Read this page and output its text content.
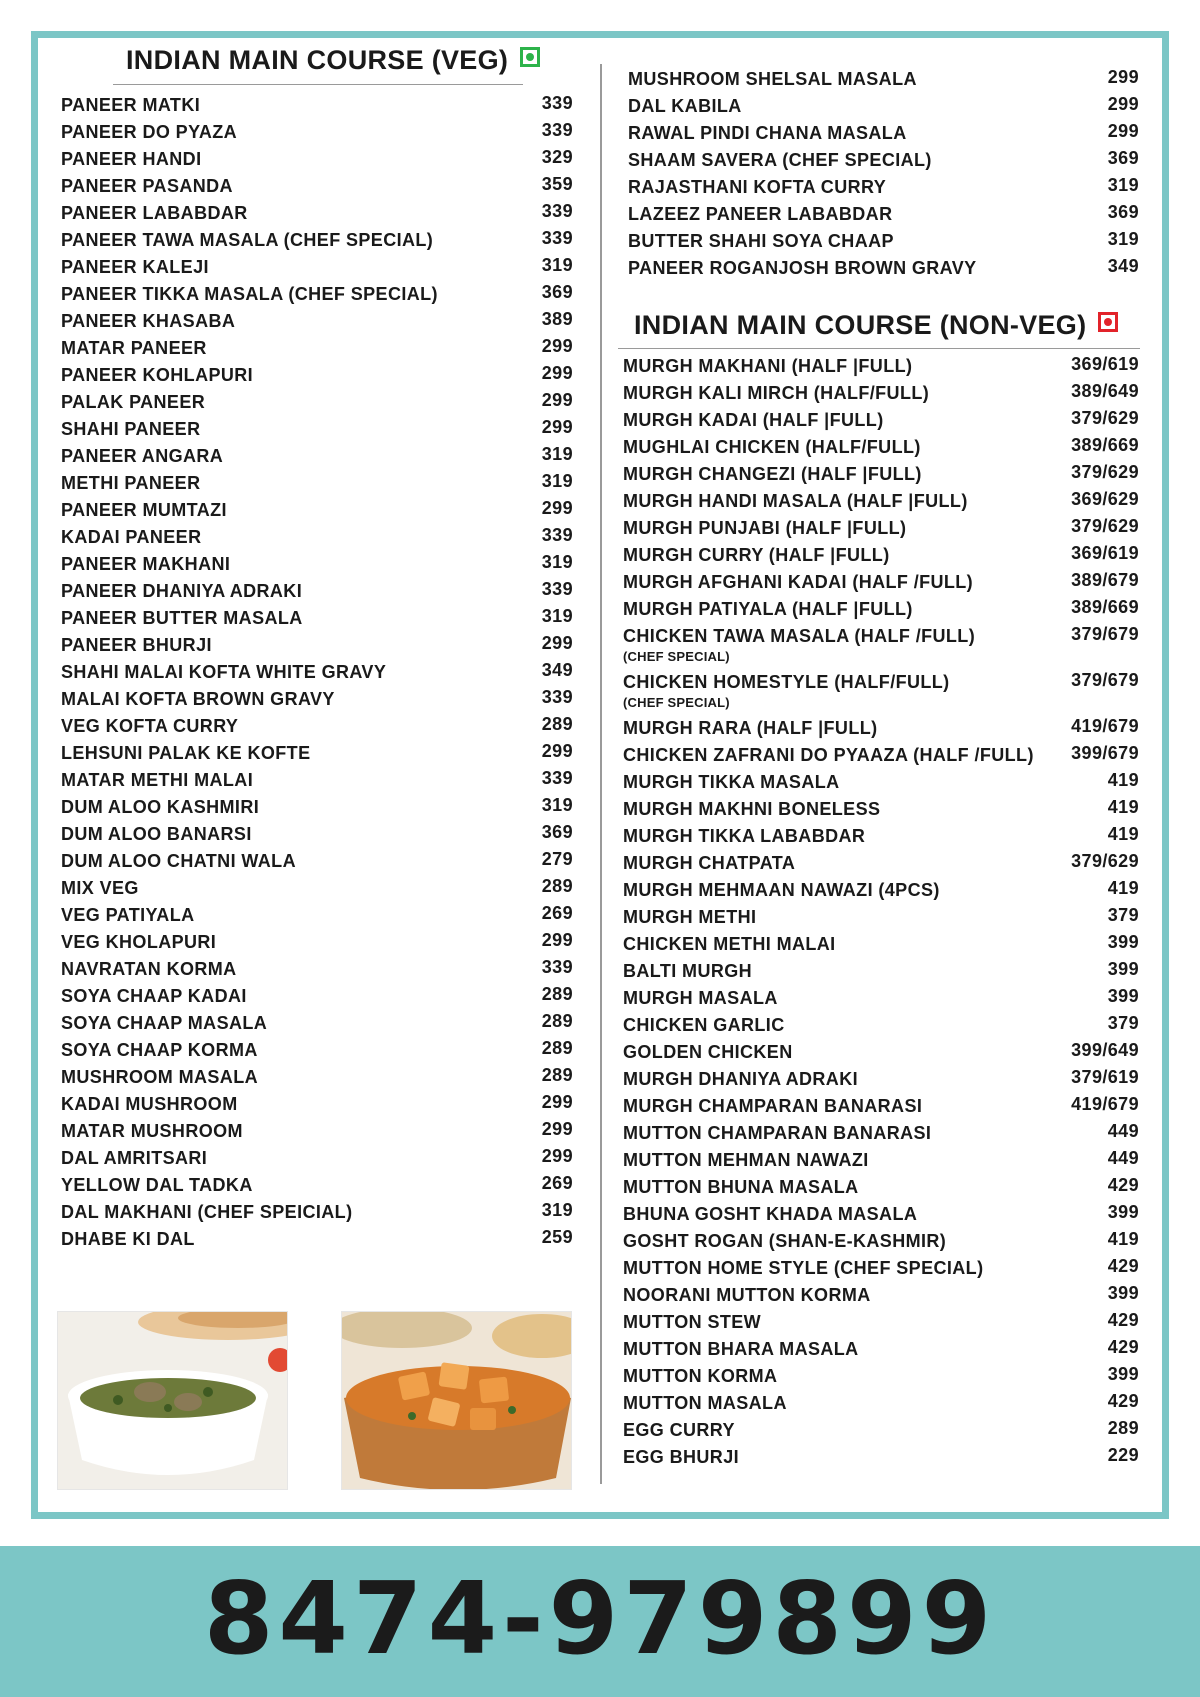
INDIAN MAIN COURSE (VEG)
PANEER MATKI	339
PANEER DO PYAZA	339
PANEER HANDI	329
PANEER PASANDA	359
PANEER LABABDAR	339
PANEER TAWA MASALA (CHEF SPECIAL)	339
PANEER KALEJI	319
PANEER TIKKA MASALA (CHEF SPECIAL)	369
PANEER KHASABA	389
MATAR PANEER	299
PANEER KOHLAPURI	299
PALAK PANEER	299
SHAHI PANEER	299
PANEER ANGARA	319
METHI PANEER	319
PANEER MUMTAZI	299
KADAI PANEER	339
PANEER MAKHANI	319
PANEER DHANIYA ADRAKI	339
PANEER BUTTER MASALA	319
PANEER BHURJI	299
SHAHI MALAI KOFTA WHITE GRAVY	349
MALAI KOFTA BROWN GRAVY	339
VEG KOFTA CURRY	289
LEHSUNI PALAK KE KOFTE	299
MATAR METHI MALAI	339
DUM ALOO KASHMIRI	319
DUM ALOO BANARSI	369
DUM ALOO CHATNI WALA	279
MIX VEG	289
VEG PATIYALA	269
VEG KHOLAPURI	299
NAVRATAN KORMA	339
SOYA CHAAP KADAI	289
SOYA CHAAP MASALA	289
SOYA CHAAP KORMA	289
MUSHROOM MASALA	289
KADAI MUSHROOM	299
MATAR MUSHROOM	299
DAL AMRITSARI	299
YELLOW DAL TADKA	269
DAL MAKHANI (CHEF SPEICIAL)	319
DHABE KI DAL	259
MUSHROOM SHELSAL MASALA	299
DAL KABILA	299
RAWAL PINDI CHANA MASALA	299
SHAAM SAVERA (CHEF SPECIAL)	369
RAJASTHANI KOFTA CURRY	319
LAZEEZ PANEER LABABDAR	369
BUTTER SHAHI SOYA CHAAP	319
PANEER ROGANJOSH BROWN GRAVY	349
INDIAN MAIN COURSE (NON-VEG)
MURGH MAKHANI (HALF |FULL)	369/619
MURGH KALI MIRCH (HALF/FULL)	389/649
MURGH KADAI (HALF |FULL)	379/629
MUGHLAI CHICKEN (HALF/FULL)	389/669
MURGH CHANGEZI (HALF |FULL)	379/629
MURGH HANDI MASALA (HALF |FULL)	369/629
MURGH PUNJABI (HALF |FULL)	379/629
MURGH CURRY (HALF |FULL)	369/619
MURGH AFGHANI KADAI (HALF /FULL)	389/679
MURGH PATIYALA (HALF |FULL)	389/669
CHICKEN TAWA MASALA (HALF /FULL)	379/679
(CHEF SPECIAL)
CHICKEN HOMESTYLE (HALF/FULL)	379/679
(CHEF SPECIAL)
MURGH RARA (HALF |FULL)	419/679
CHICKEN ZAFRANI DO PYAAZA (HALF /FULL) 399/679
MURGH TIKKA MASALA	419
MURGH MAKHNI BONELESS	419
MURGH TIKKA LABABDAR	419
MURGH CHATPATA	379/629
MURGH MEHMAAN NAWAZI (4PCS)	419
MURGH METHI	379
CHICKEN METHI MALAI	399
BALTI MURGH	399
MURGH MASALA	399
CHICKEN GARLIC	379
GOLDEN CHICKEN	399/649
MURGH DHANIYA ADRAKI	379/619
MURGH CHAMPARAN BANARASI	419/679
MUTTON CHAMPARAN BANARASI	449
MUTTON MEHMAN NAWAZI	449
MUTTON BHUNA MASALA	429
BHUNA GOSHT KHADA MASALA	399
GOSHT ROGAN (SHAN-E-KASHMIR)	419
MUTTON HOME STYLE (CHEF SPECIAL)	429
NOORANI MUTTON KORMA	399
MUTTON STEW	429
MUTTON BHARA MASALA	429
MUTTON KORMA	399
MUTTON MASALA	429
EGG CURRY	289
EGG BHURJI	229
8474-979899
